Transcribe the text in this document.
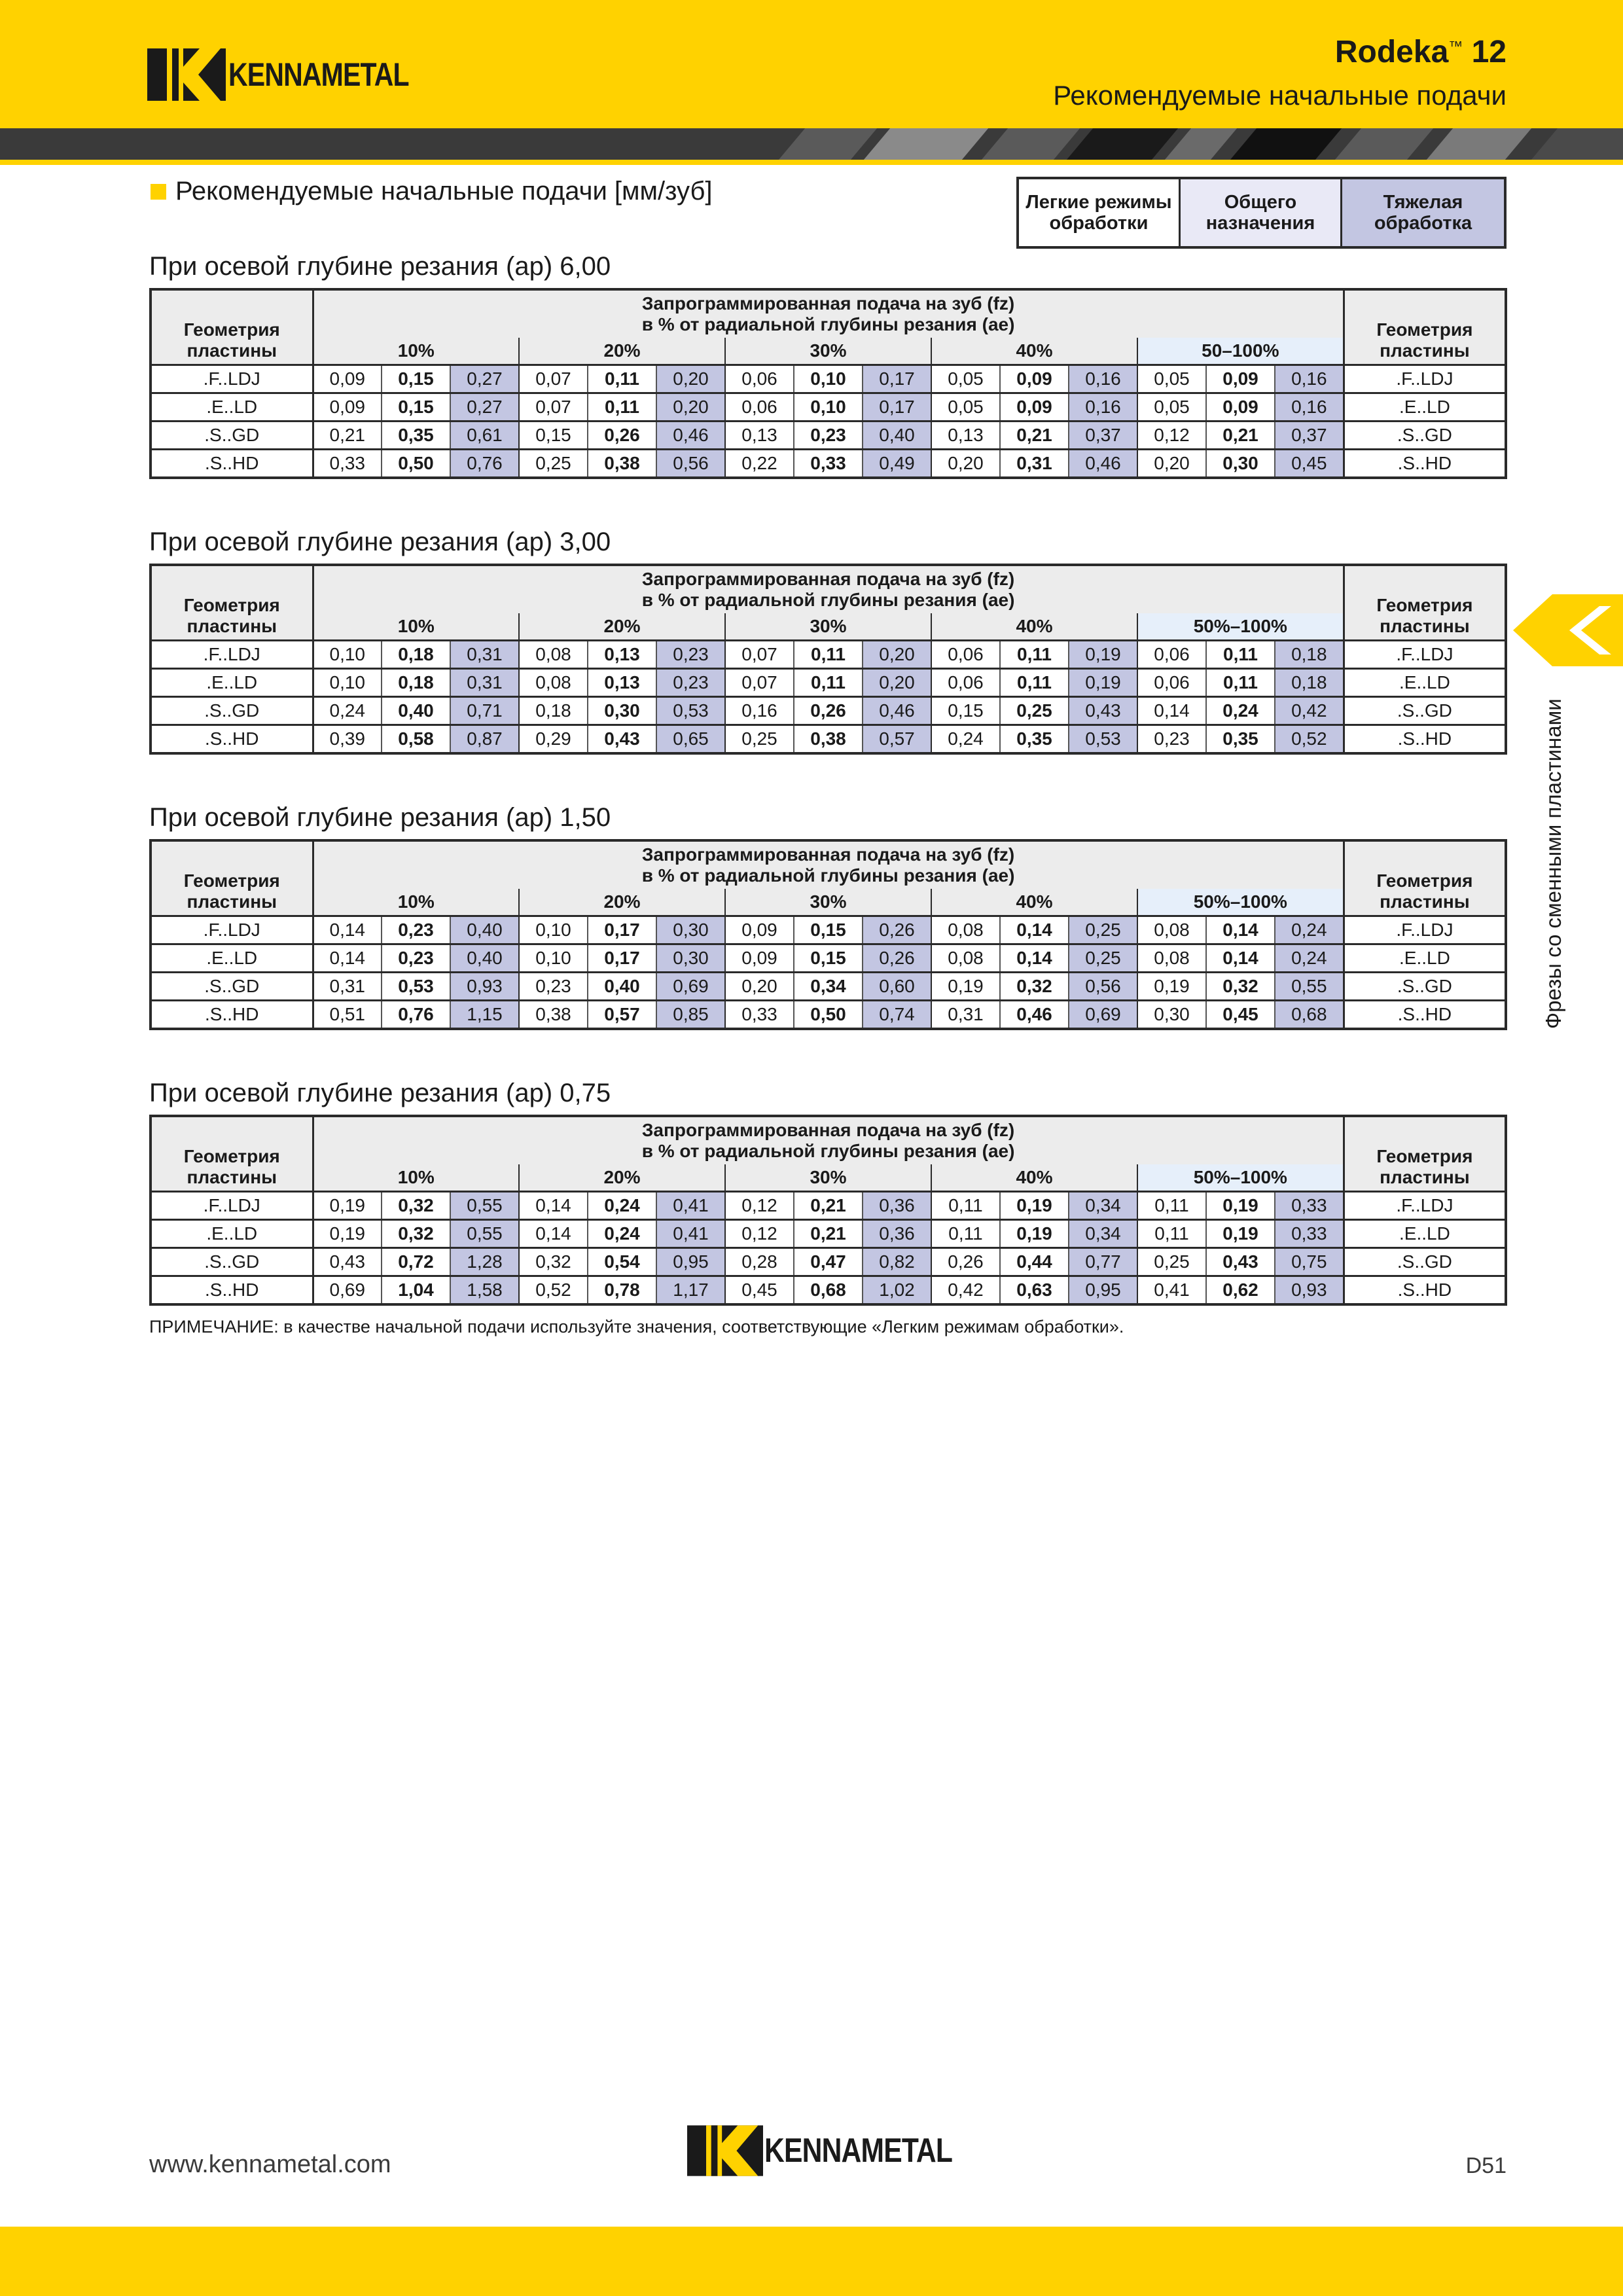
KENNAMETAL
Rodeka™ 12
Рекомендуемые начальные подачи
Рекомендуемые начальные подачи [мм/зуб]	Легкие режимы
обработки
Общего
назначения
Тяжелая
обработка
При осевой глубине резания (ap) 6,00
Геометрия
пластины	Запрограммированная подача на зуб (fz)
в % от радиальной глубины резания (ae)															Геометрия
пластины
	10%			20%			30%			40%			50–100%			
.F..LDJ	0,09	0,15	0,27	0,07	0,11	0,20	0,06	0,10	0,17	0,05	0,09	0,16	0,05	0,09	0,16	.F..LDJ
.E..LD	0,09	0,15	0,27	0,07	0,11	0,20	0,06	0,10	0,17	0,05	0,09	0,16	0,05	0,09	0,16	.E..LD
.S..GD	0,21	0,35	0,61	0,15	0,26	0,46	0,13	0,23	0,40	0,13	0,21	0,37	0,12	0,21	0,37	.S..GD
.S..HD	0,33	0,50	0,76	0,25	0,38	0,56	0,22	0,33	0,49	0,20	0,31	0,46	0,20	0,30	0,45	.S..HD
При осевой глубине резания (ap) 3,00
Геометрия
пластины	Запрограммированная подача на зуб (fz)
в % от радиальной глубины резания (ae)															Геометрия
пластины
	10%			20%			30%			40%			50%–100%			
.F..LDJ	0,10	0,18	0,31	0,08	0,13	0,23	0,07	0,11	0,20	0,06	0,11	0,19	0,06	0,11	0,18	.F..LDJ
.E..LD	0,10	0,18	0,31	0,08	0,13	0,23	0,07	0,11	0,20	0,06	0,11	0,19	0,06	0,11	0,18	.E..LD
.S..GD	0,24	0,40	0,71	0,18	0,30	0,53	0,16	0,26	0,46	0,15	0,25	0,43	0,14	0,24	0,42	.S..GD
.S..HD	0,39	0,58	0,87	0,29	0,43	0,65	0,25	0,38	0,57	0,24	0,35	0,53	0,23	0,35	0,52	.S..HD
При осевой глубине резания (ap) 1,50
Геометрия
пластины	Запрограммированная подача на зуб (fz)
в % от радиальной глубины резания (ae)															Геометрия
пластины
	10%			20%			30%			40%			50%–100%			
.F..LDJ	0,14	0,23	0,40	0,10	0,17	0,30	0,09	0,15	0,26	0,08	0,14	0,25	0,08	0,14	0,24	.F..LDJ
.E..LD	0,14	0,23	0,40	0,10	0,17	0,30	0,09	0,15	0,26	0,08	0,14	0,25	0,08	0,14	0,24	.E..LD
.S..GD	0,31	0,53	0,93	0,23	0,40	0,69	0,20	0,34	0,60	0,19	0,32	0,56	0,19	0,32	0,55	.S..GD
.S..HD	0,51	0,76	1,15	0,38	0,57	0,85	0,33	0,50	0,74	0,31	0,46	0,69	0,30	0,45	0,68	.S..HD
При осевой глубине резания (ap) 0,75
Геометрия
пластины	Запрограммированная подача на зуб (fz)
в % от радиальной глубины резания (ae)															Геометрия
пластины
	10%			20%			30%			40%			50%–100%			
.F..LDJ	0,19	0,32	0,55	0,14	0,24	0,41	0,12	0,21	0,36	0,11	0,19	0,34	0,11	0,19	0,33	.F..LDJ
.E..LD	0,19	0,32	0,55	0,14	0,24	0,41	0,12	0,21	0,36	0,11	0,19	0,34	0,11	0,19	0,33	.E..LD
.S..GD	0,43	0,72	1,28	0,32	0,54	0,95	0,28	0,47	0,82	0,26	0,44	0,77	0,25	0,43	0,75	.S..GD
.S..HD	0,69	1,04	1,58	0,52	0,78	1,17	0,45	0,68	1,02	0,42	0,63	0,95	0,41	0,62	0,93	.S..HD
ПРИМЕЧАНИЕ: в качестве начальной подачи используйте значения, соответствующие «Легким режимам обработки».
Фрезы со сменными пластинами
www.kennametal.com	KENNAMETAL	D51
